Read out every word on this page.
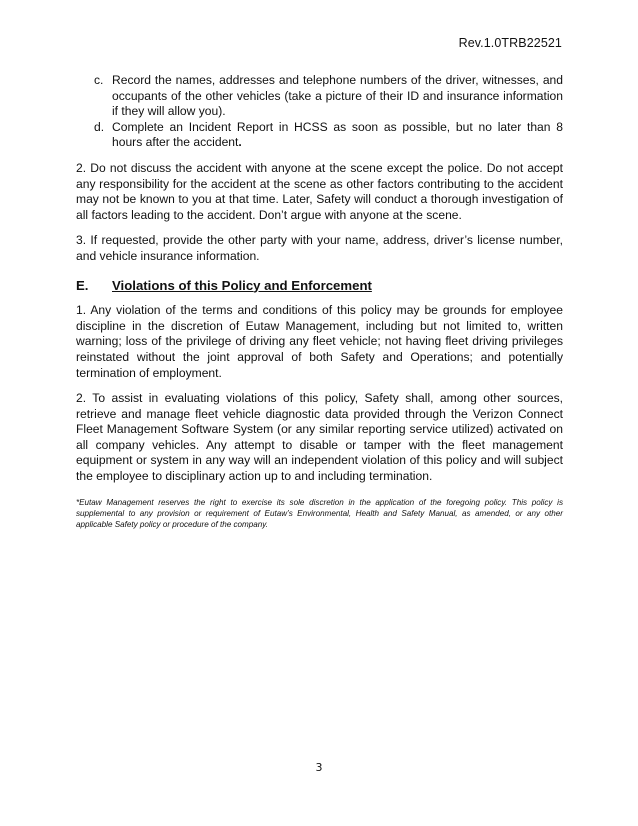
Rev.1.0TRB22521
c. Record the names, addresses and telephone numbers of the driver, witnesses, and occupants of the other vehicles (take a picture of their ID and insurance information if they will allow you).
d. Complete an Incident Report in HCSS as soon as possible, but no later than 8 hours after the accident.

2. Do not discuss the accident with anyone at the scene except the police. Do not accept any responsibility for the accident at the scene as other factors contributing to the accident may not be known to you at that time. Later, Safety will conduct a thorough investigation of all factors leading to the accident. Don’t argue with anyone at the scene.

3. If requested, provide the other party with your name, address, driver’s license number, and vehicle insurance information.

E. Violations of this Policy and Enforcement

1. Any violation of the terms and conditions of this policy may be grounds for employee discipline in the discretion of Eutaw Management, including but not limited to, written warning; loss of the privilege of driving any fleet vehicle; not having fleet driving privileges reinstated without the joint approval of both Safety and Operations; and potentially termination of employment.

2. To assist in evaluating violations of this policy, Safety shall, among other sources, retrieve and manage fleet vehicle diagnostic data provided through the Verizon Connect Fleet Management Software System (or any similar reporting service utilized) activated on all company vehicles. Any attempt to disable or tamper with the fleet management equipment or system in any way will an independent violation of this policy and will subject the employee to disciplinary action up to and including termination.

*Eutaw Management reserves the right to exercise its sole discretion in the application of the foregoing policy. This policy is supplemental to any provision or requirement of Eutaw’s Environmental, Health and Safety Manual, as amended, or any other applicable Safety policy or procedure of the company.

3
